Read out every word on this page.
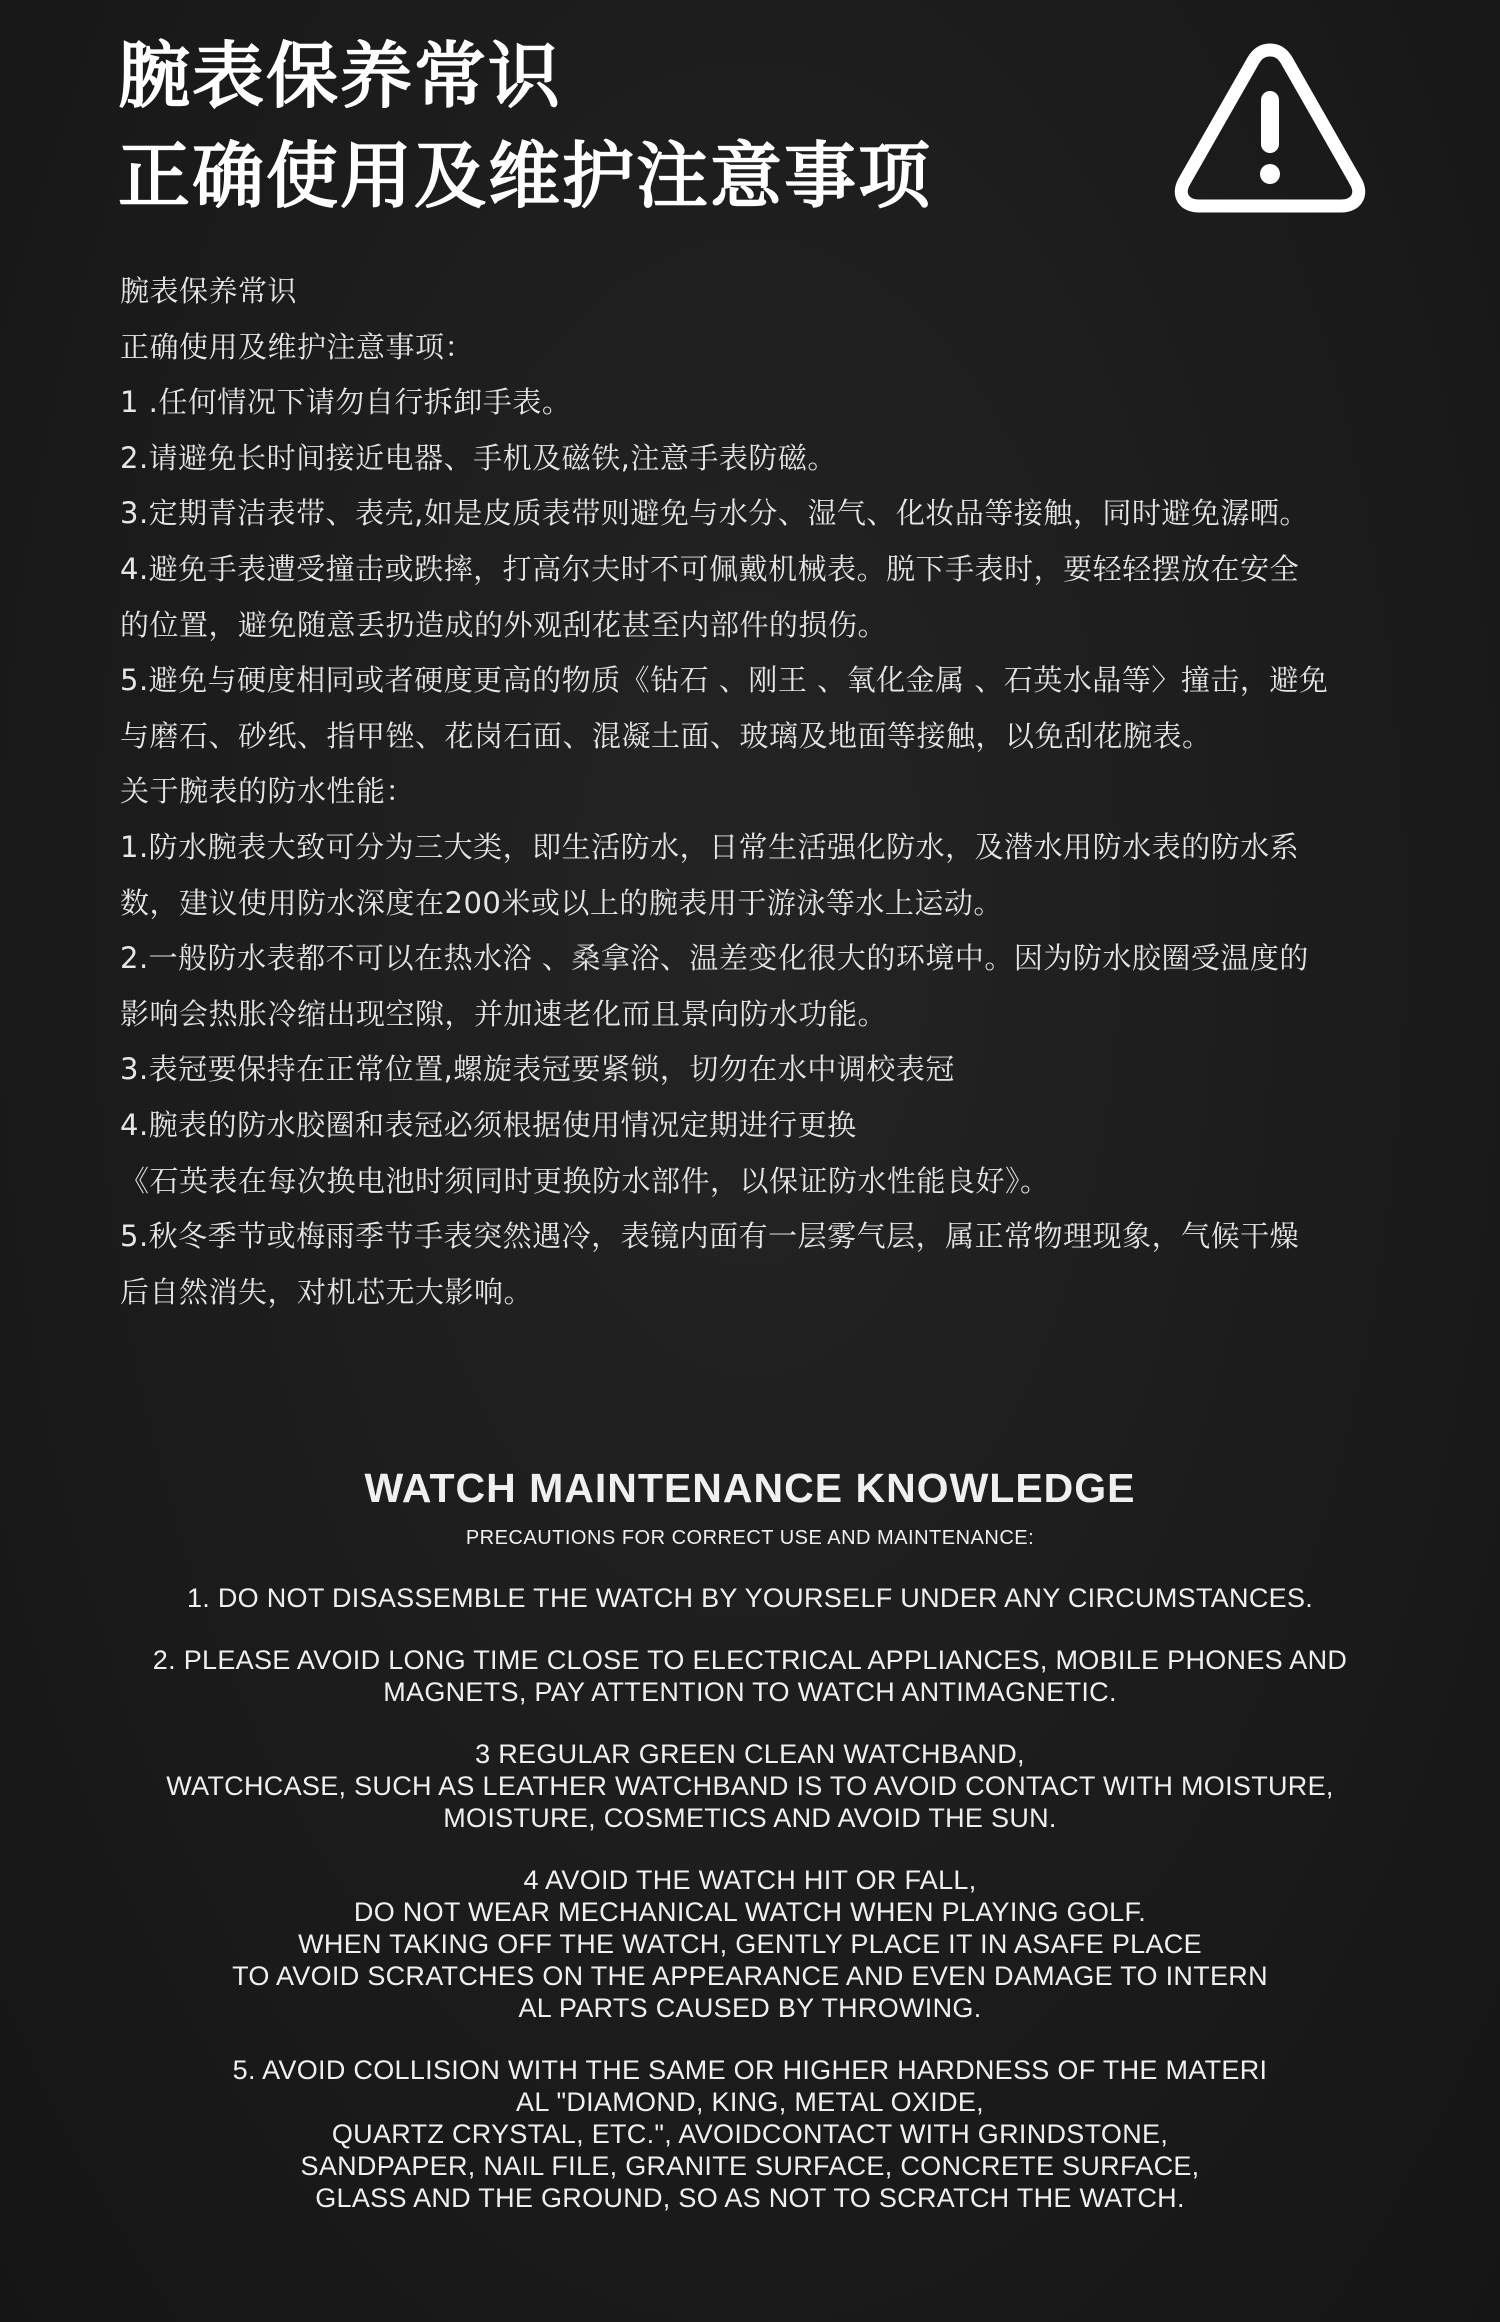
腕表保养常识
正确使用及维护注意事项

腕表保养常识

正确使用及维护注意事项：

1 .任何情况下请勿自行拆卸手表。

2.请避免长时间接近电器、手机及磁铁,注意手表防磁。

3.定期青洁表带、表壳,如是皮质表带则避免与水分、湿气、化妆品等接触，同时避免潺晒。

4.避免手表遭受撞击或跌摔，打高尔夫时不可佩戴机械表。脱下手表时，要轻轻摆放在安全

的位置，避免随意丢扔造成的外观刮花甚至内部件的损伤。

5.避免与硬度相同或者硬度更高的物质《钻石 、刚王 、氧化金属 、石英水晶等〉撞击，避免

与磨石、砂纸、指甲锉、花岗石面、混凝土面、玻璃及地面等接触，以免刮花腕表。

关于腕表的防水性能：

1.防水腕表大致可分为三大类，即生活防水，日常生活强化防水，及潜水用防水表的防水系

数，建议使用防水深度在200米或以上的腕表用于游泳等水上运动。

2.一般防水表都不可以在热水浴 、桑拿浴、温差变化很大的环境中。因为防水胶圈受温度的

影响会热胀冷缩出现空隙，并加速老化而且景向防水功能。

3.表冠要保持在正常位置,螺旋表冠要紧锁，切勿在水中调校表冠

4.腕表的防水胶圈和表冠必须根据使用情况定期进行更换

《石英表在每次换电池时须同时更换防水部件，以保证防水性能良好》。

5.秋冬季节或梅雨季节手表突然遇冷，表镜内面有一层雾气层，属正常物理现象，气候干燥

后自然消失，对机芯无大影响。

WATCH MAINTENANCE KNOWLEDGE
PRECAUTIONS FOR CORRECT USE AND MAINTENANCE:
1. DO NOT DISASSEMBLE THE WATCH BY YOURSELF UNDER ANY CIRCUMSTANCES.
2. PLEASE AVOID LONG TIME CLOSE TO ELECTRICAL APPLIANCES, MOBILE PHONES AND
MAGNETS, PAY ATTENTION TO WATCH ANTIMAGNETIC.
3 REGULAR GREEN CLEAN WATCHBAND,
WATCHCASE, SUCH AS LEATHER WATCHBAND IS TO AVOID CONTACT WITH MOISTURE,
MOISTURE, COSMETICS AND AVOID THE SUN.
4 AVOID THE WATCH HIT OR FALL,
DO NOT WEAR MECHANICAL WATCH WHEN PLAYING GOLF.
WHEN TAKING OFF THE WATCH, GENTLY PLACE IT IN ASAFE PLACE
TO AVOID SCRATCHES ON THE APPEARANCE AND EVEN DAMAGE TO INTERN
AL PARTS CAUSED BY THROWING.
5. AVOID COLLISION WITH THE SAME OR HIGHER HARDNESS OF THE MATERI
AL "DIAMOND, KING, METAL OXIDE,
QUARTZ CRYSTAL, ETC.", AVOIDCONTACT WITH GRINDSTONE,
SANDPAPER, NAIL FILE, GRANITE SURFACE, CONCRETE SURFACE,
GLASS AND THE GROUND, SO AS NOT TO SCRATCH THE WATCH.
